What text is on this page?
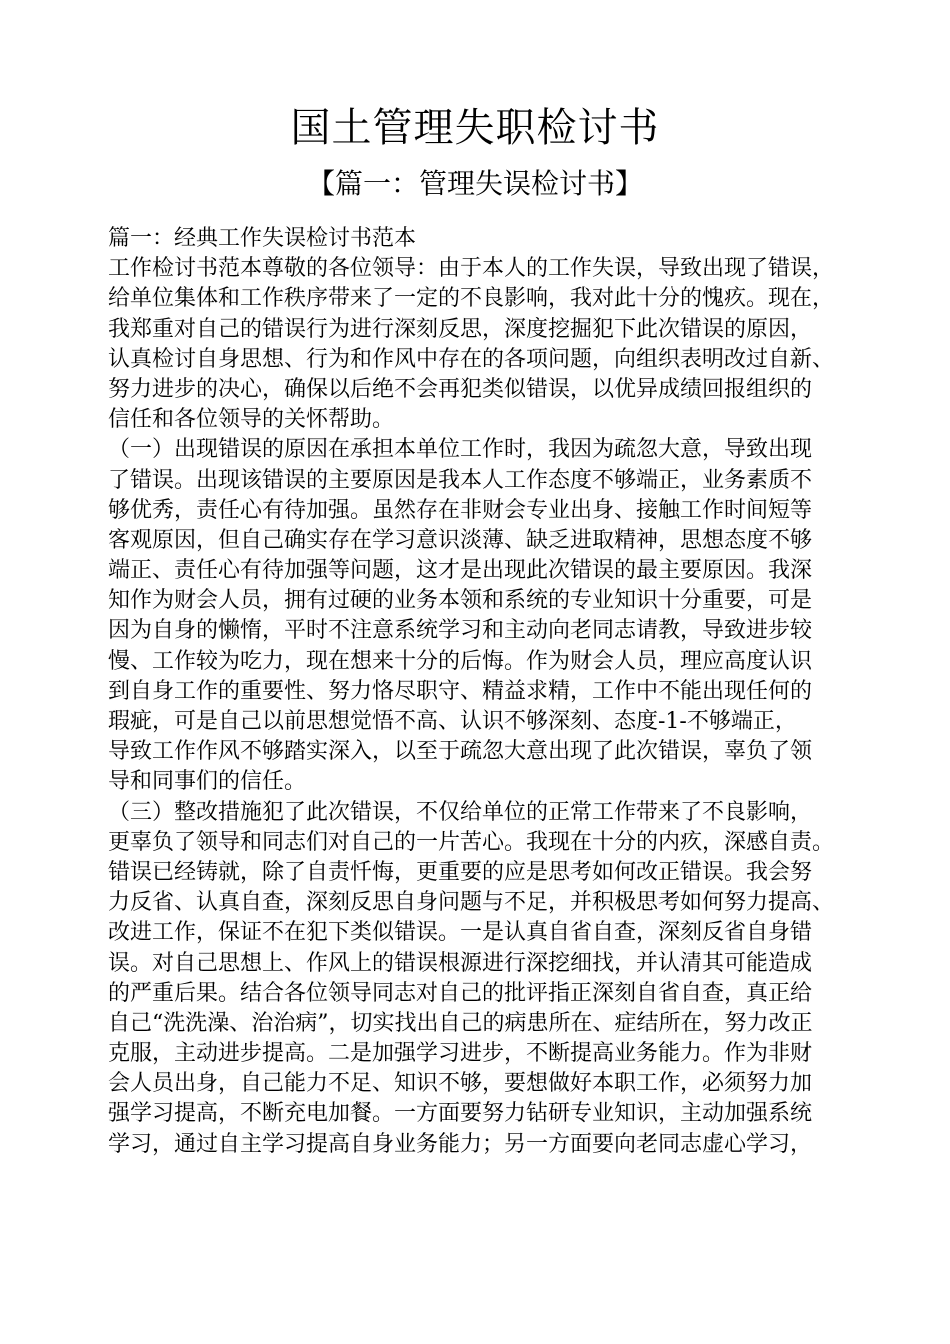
国土管理失职检讨书
【篇一：管理失误检讨书】
篇一：经典工作失误检讨书范本
工作检讨书范本尊敬的各位领导：由于本人的工作失误，导致出现了错误，
给单位集体和工作秩序带来了一定的不良影响，我对此十分的愧疚。现在，
我郑重对自己的错误行为进行深刻反思，深度挖掘犯下此次错误的原因，
认真检讨自身思想、行为和作风中存在的各项问题，向组织表明改过自新、
努力进步的决心，确保以后绝不会再犯类似错误，以优异成绩回报组织的
信任和各位领导的关怀帮助。
（一）出现错误的原因在承担本单位工作时，我因为疏忽大意，导致出现
了错误。出现该错误的主要原因是我本人工作态度不够端正，业务素质不
够优秀，责任心有待加强。虽然存在非财会专业出身、接触工作时间短等
客观原因，但自己确实存在学习意识淡薄、缺乏进取精神，思想态度不够
端正、责任心有待加强等问题，这才是出现此次错误的最主要原因。我深
知作为财会人员，拥有过硬的业务本领和系统的专业知识十分重要，可是
因为自身的懒惰，平时不注意系统学习和主动向老同志请教，导致进步较
慢、工作较为吃力，现在想来十分的后悔。作为财会人员，理应高度认识
到自身工作的重要性、努力恪尽职守、精益求精，工作中不能出现任何的
瑕疵，可是自己以前思想觉悟不高、认识不够深刻、态度-1-不够端正，
导致工作作风不够踏实深入，以至于疏忽大意出现了此次错误，辜负了领
导和同事们的信任。
（三）整改措施犯了此次错误，不仅给单位的正常工作带来了不良影响，
更辜负了领导和同志们对自己的一片苦心。我现在十分的内疚，深感自责。
错误已经铸就，除了自责忏悔，更重要的应是思考如何改正错误。我会努
力反省、认真自查，深刻反思自身问题与不足，并积极思考如何努力提高、
改进工作，保证不在犯下类似错误。一是认真自省自查，深刻反省自身错
误。对自己思想上、作风上的错误根源进行深挖细找，并认清其可能造成
的严重后果。结合各位领导同志对自己的批评指正深刻自省自查，真正给
自己“洗洗澡、治治病”，切实找出自己的病患所在、症结所在，努力改正
克服，主动进步提高。二是加强学习进步，不断提高业务能力。作为非财
会人员出身，自己能力不足、知识不够，要想做好本职工作，必须努力加
强学习提高，不断充电加餐。一方面要努力钻研专业知识，主动加强系统
学习，通过自主学习提高自身业务能力；另一方面要向老同志虚心学习，
